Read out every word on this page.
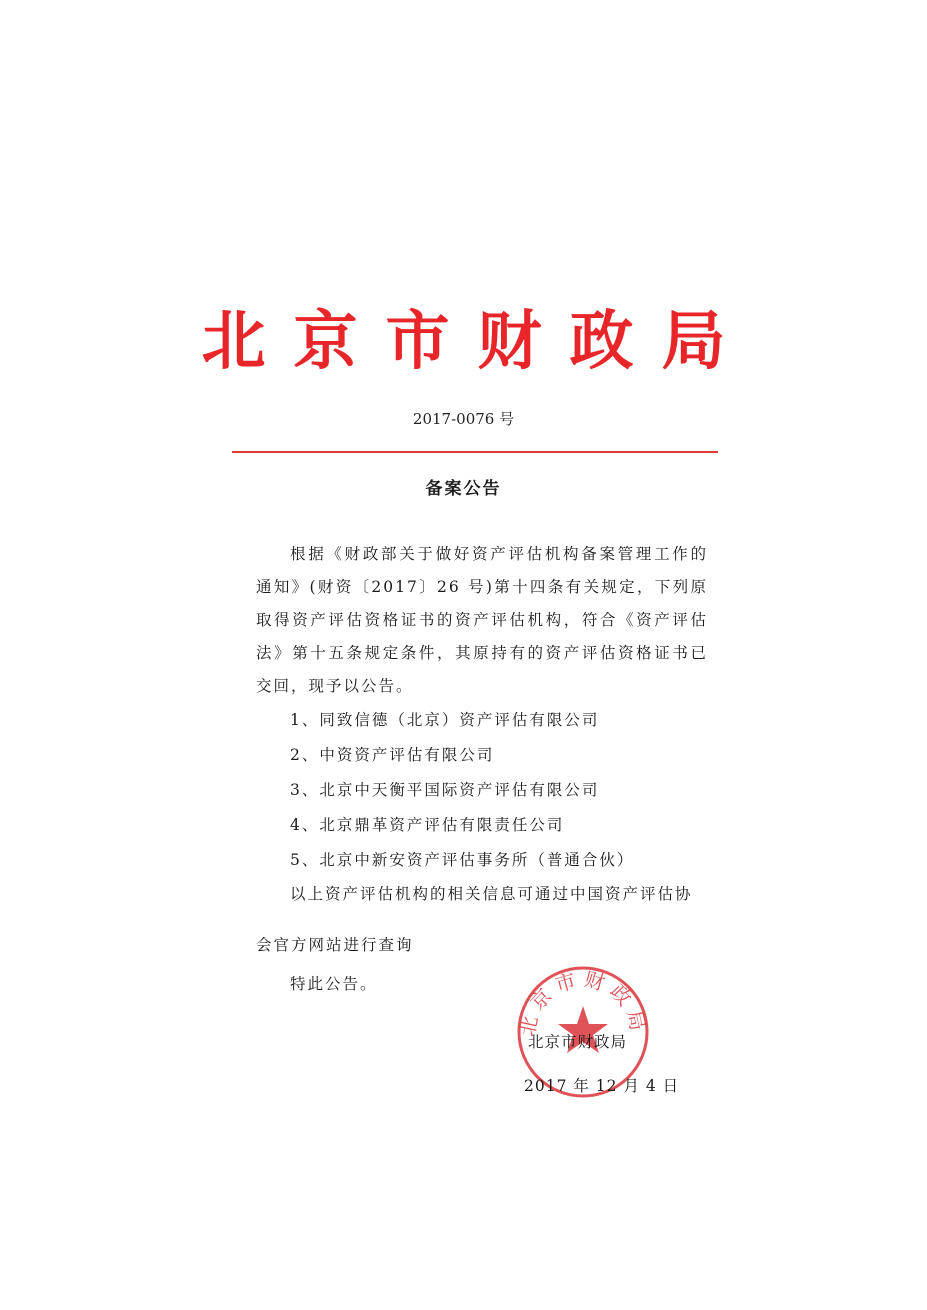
北京市财政局
2017-0076 号
备案公告

根据《财政部关于做好资产评估机构备案管理工作的通知》(财资〔2017〕26 号)第十四条有关规定，下列原取得资产评估资格证书的资产评估机构，符合《资产评估法》第十五条规定条件，其原持有的资产评估资格证书已交回，现予以公告。

1、同致信德（北京）资产评估有限公司
2、中资资产评估有限公司
3、北京中天衡平国际资产评估有限公司
4、北京鼎革资产评估有限责任公司
5、北京中新安资产评估事务所（普通合伙）

以上资产评估机构的相关信息可通过中国资产评估协

会官方网站进行查询

特此公告。

北京市财政局
北京市财政局
2017 年 12 月 4 日
